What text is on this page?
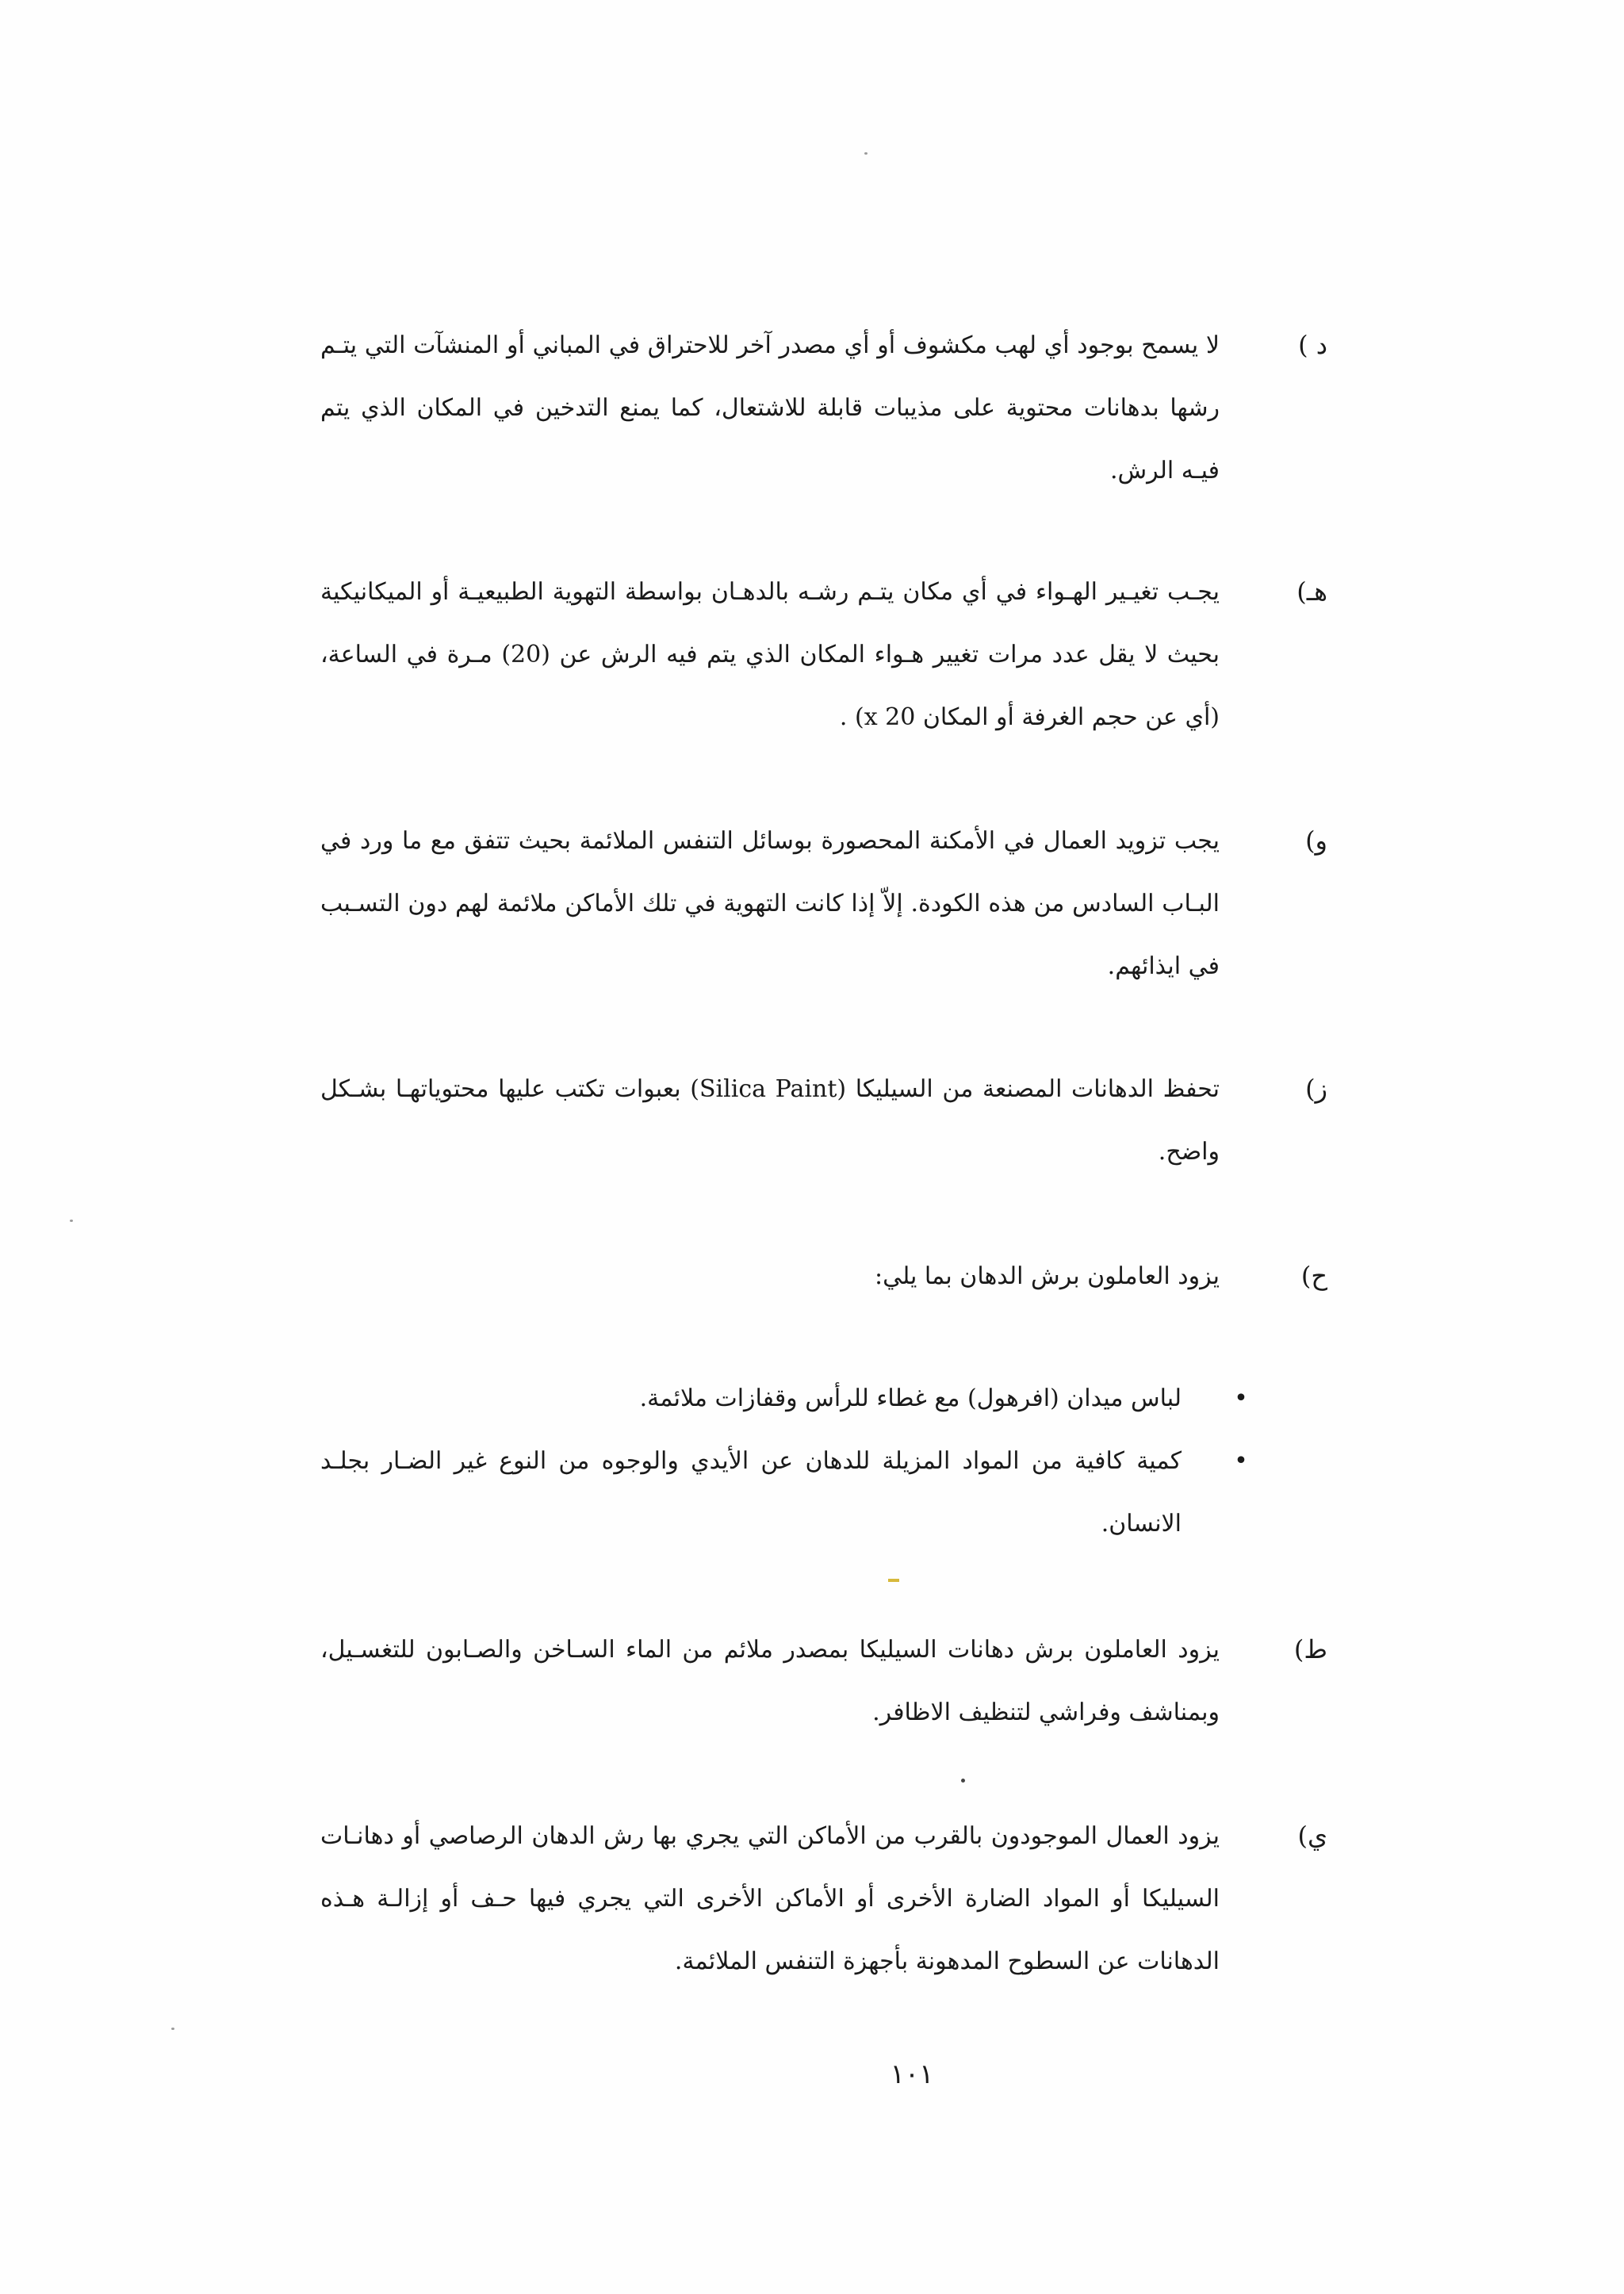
د )
لا يسمح بوجود أي لهب مكشوف أو أي مصدر آخر للاحتراق في المباني أو المنشآت التي يتـم رشها بدهانات محتوية على مذيبات قابلة للاشتعال، كما يمنع التدخين في المكان الذي يتم فيـه الرش.
هـ)
يجـب تغيـير الهـواء في أي مكان يتـم رشـه بالدهـان بواسطة التهوية الطبيعيـة أو الميكانيكية بحيث لا يقل عدد مرات تغيير هـواء المكان الذي يتم فيه الرش عن (20) مـرة في الساعة، (أي عن حجم الغرفة أو المكان x 20) .
و)
يجب تزويد العمال في الأمكنة المحصورة بوسائل التنفس الملائمة بحيث تتفق مع ما ورد في البـاب السادس من هذه الكودة. إلاّ إذا كانت التهوية في تلك الأماكن ملائمة لهم دون التسـبب في ايذائهم.
ز)
تحفظ الدهانات المصنعة من السيليكا (Silica Paint) بعبوات تكتب عليها محتوياتهـا بشـكل واضح.
ح)
يزود العاملون برش الدهان بما يلي:
•
لباس ميدان (افرهول) مع غطاء للرأس وقفازات ملائمة.
•
كمية كافية من المواد المزيلة للدهان عن الأيدي والوجوه من النوع غير الضـار بجلـد الانسان.
ط)
يزود العاملون برش دهانات السيليكا بمصدر ملائم من الماء السـاخن والصـابون للتغسـيل، وبمناشف وفراشي لتنظيف الاظافر.
ي)
يزود العمال الموجودون بالقرب من الأماكن التي يجري بها رش الدهان الرصاصي أو دهانـات السيليكا أو المواد الضارة الأخرى أو الأماكن الأخرى التي يجري فيها حـف أو إزالـة هـذه الدهانات عن السطوح المدهونة بأجهزة التنفس الملائمة.
١٠١
